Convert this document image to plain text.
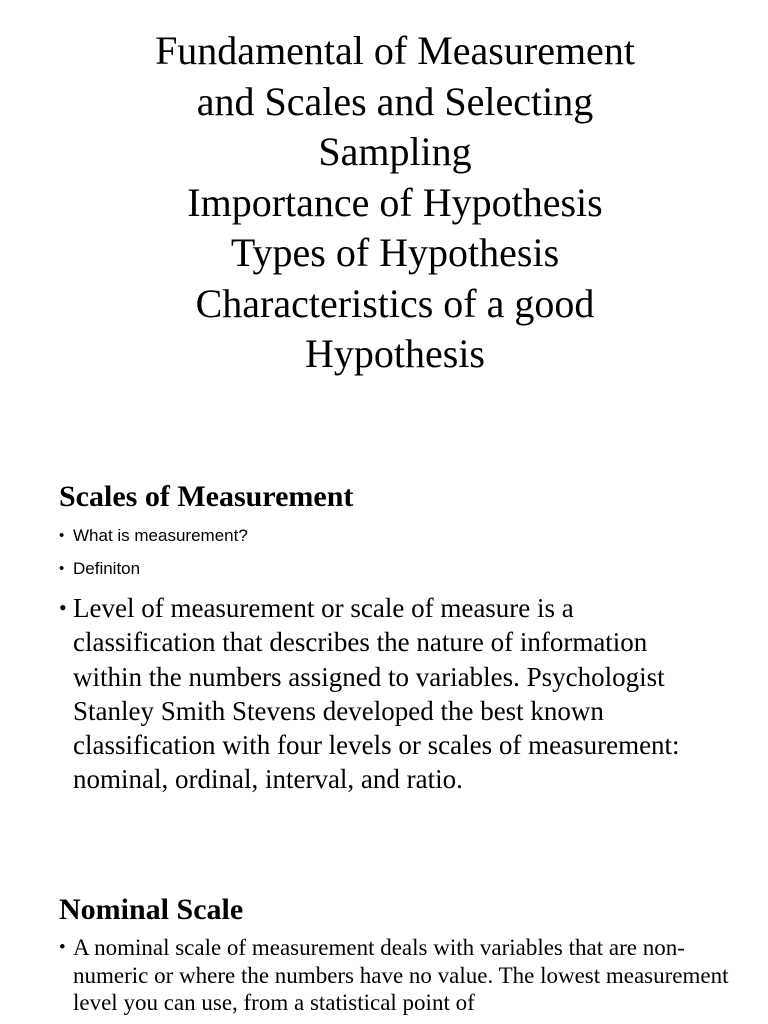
Fundamental of Measurement
and Scales and Selecting
Sampling
Importance of Hypothesis
Types of Hypothesis
Characteristics of a good
Hypothesis
Scales of Measurement
• What is measurement?
• Definiton
• Level of measurement or scale of measure is a classification that describes the nature of information within the numbers assigned to variables. Psychologist Stanley Smith Stevens developed the best known classification with four levels or scales of measurement: nominal, ordinal, interval, and ratio.
Nominal Scale
• A nominal scale of measurement deals with variables that are non-numeric or where the numbers have no value. The lowest measurement level you can use, from a statistical point of
